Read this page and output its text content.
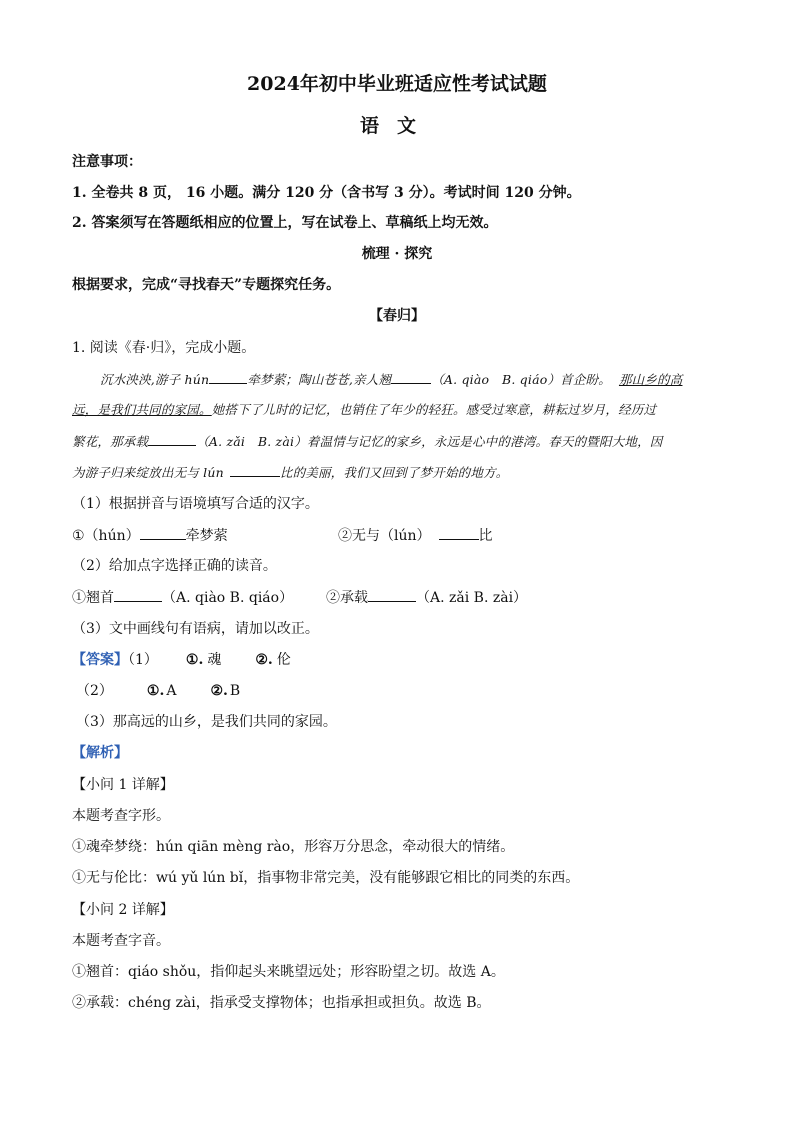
2024年初中毕业班适应性考试试题
语文
注意事项：
1. 全卷共 8 页， 16 小题。满分 120 分（含书写 3 分）。考试时间 120 分钟。
2. 答案须写在答题纸相应的位置上，写在试卷上、草稿纸上均无效。
梳理 · 探究
根据要求，完成“寻找春天”专题探究任务。
【春归】
1. 阅读《春·归》，完成小题。
沉水泱泱,游子 hún	牵梦萦；陶山苍苍,亲人翘	（A. qiào　B. qiáo）首企盼。 那山乡的高
远，是我们共同的家园。她搭下了儿时的记忆，也销住了年少的轻狂。感受过寒意，耕耘过岁月，经历过
繁花，那承载	（A. zǎi　B. zài）着温情与记忆的家乡，永远是心中的港湾。春天的暨阳大地，因
为游子归来绽放出无与 lún	比的美丽，我们又回到了梦开始的地方。
（1）根据拼音与语境填写合适的汉字。
①（hún）	牵梦萦	②无与（lún）	比
（2）给加点字选择正确的读音。
①翘首	（A. qiào B. qiáo） ②承载	（A. zǎi B. zài）
（3）文中画线句有语病，请加以改正。
【答案】（1） ①. 魂 ②. 伦
（2） ①. A ②. B
（3）那高远的山乡，是我们共同的家园。
【解析】
【小问 1 详解】
本题考查字形。
①魂牵梦绕：hún qiān mèng rào，形容万分思念，牵动很大的情绪。
①无与伦比：wú yǔ lún bǐ，指事物非常完美，没有能够跟它相比的同类的东西。
【小问 2 详解】
本题考查字音。
①翘首：qiáo shǒu，指仰起头来眺望远处；形容盼望之切。故选 A。
②承载：chéng zài，指承受支撑物体；也指承担或担负。故选 B。
